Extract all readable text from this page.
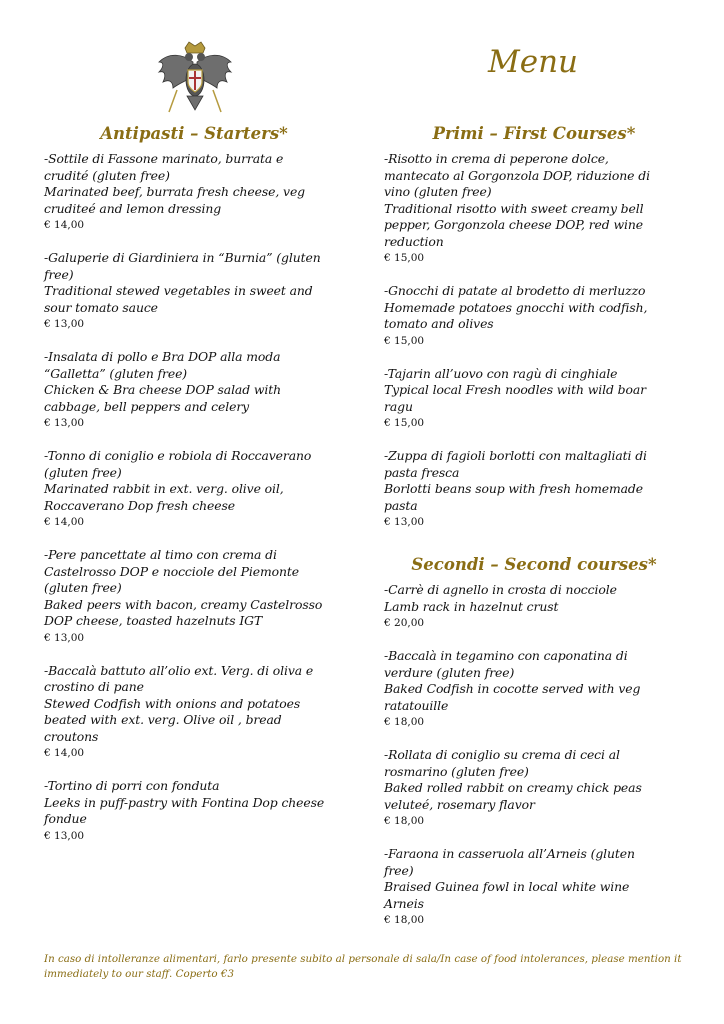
Menu
Antipasti – Starters*
-Sottile di Fassone marinato, burrata e
crudité (gluten free)
Marinated beef, burrata fresh cheese, veg
cruditeé and lemon dressing
€ 14,00
-Galuperie di Giardiniera in “Burnia” (gluten
free)
Traditional stewed vegetables in sweet and
sour tomato sauce
€ 13,00
-Insalata di pollo e Bra DOP alla moda
“Galletta” (gluten free)
Chicken & Bra cheese DOP salad with
cabbage, bell peppers and celery
€ 13,00
-Tonno di coniglio e robiola di Roccaverano
(gluten free)
Marinated rabbit in ext. verg. olive oil,
Roccaverano Dop fresh cheese
€ 14,00
-Pere pancettate al timo con crema di
Castelrosso DOP e nocciole del Piemonte
(gluten free)
Baked peers with bacon, creamy Castelrosso
DOP cheese, toasted hazelnuts IGT
€ 13,00
-Baccalà battuto all’olio ext. Verg. di oliva e
crostino di pane
Stewed Codfish with onions and potatoes
beated with ext. verg. Olive oil , bread
croutons
€ 14,00
-Tortino di porri con fonduta
Leeks in puff-pastry with Fontina Dop cheese
fondue
€ 13,00
Primi – First Courses*
-Risotto in crema di peperone dolce,
mantecato al Gorgonzola DOP, riduzione di
vino (gluten free)
Traditional risotto with sweet creamy bell
pepper, Gorgonzola cheese DOP, red wine
reduction
€ 15,00
-Gnocchi di patate al brodetto di merluzzo
Homemade potatoes gnocchi with codfish,
tomato and olives
€ 15,00
-Tajarin all’uovo con ragù di cinghiale
Typical local Fresh noodles with wild boar
ragu
€ 15,00
-Zuppa di fagioli borlotti con maltagliati di
pasta fresca
Borlotti beans soup with fresh homemade
pasta
€ 13,00
Secondi – Second courses*
-Carrè di agnello in crosta di nocciole
Lamb rack in hazelnut crust
€ 20,00
-Baccalà in tegamino con caponatina di
verdure (gluten free)
Baked Codfish in cocotte served with veg
ratatouille
€ 18,00
-Rollata di coniglio su crema di ceci al
rosmarino (gluten free)
Baked rolled rabbit on creamy chick peas
veluteé, rosemary flavor
€ 18,00
-Faraona in casseruola all’Arneis (gluten
free)
Braised Guinea fowl in local white wine
Arneis
€ 18,00
In caso di intolleranze alimentari, farlo presente subito al personale di sala/In case of food intolerances, please mention it
immediately to our staff. Coperto €3
